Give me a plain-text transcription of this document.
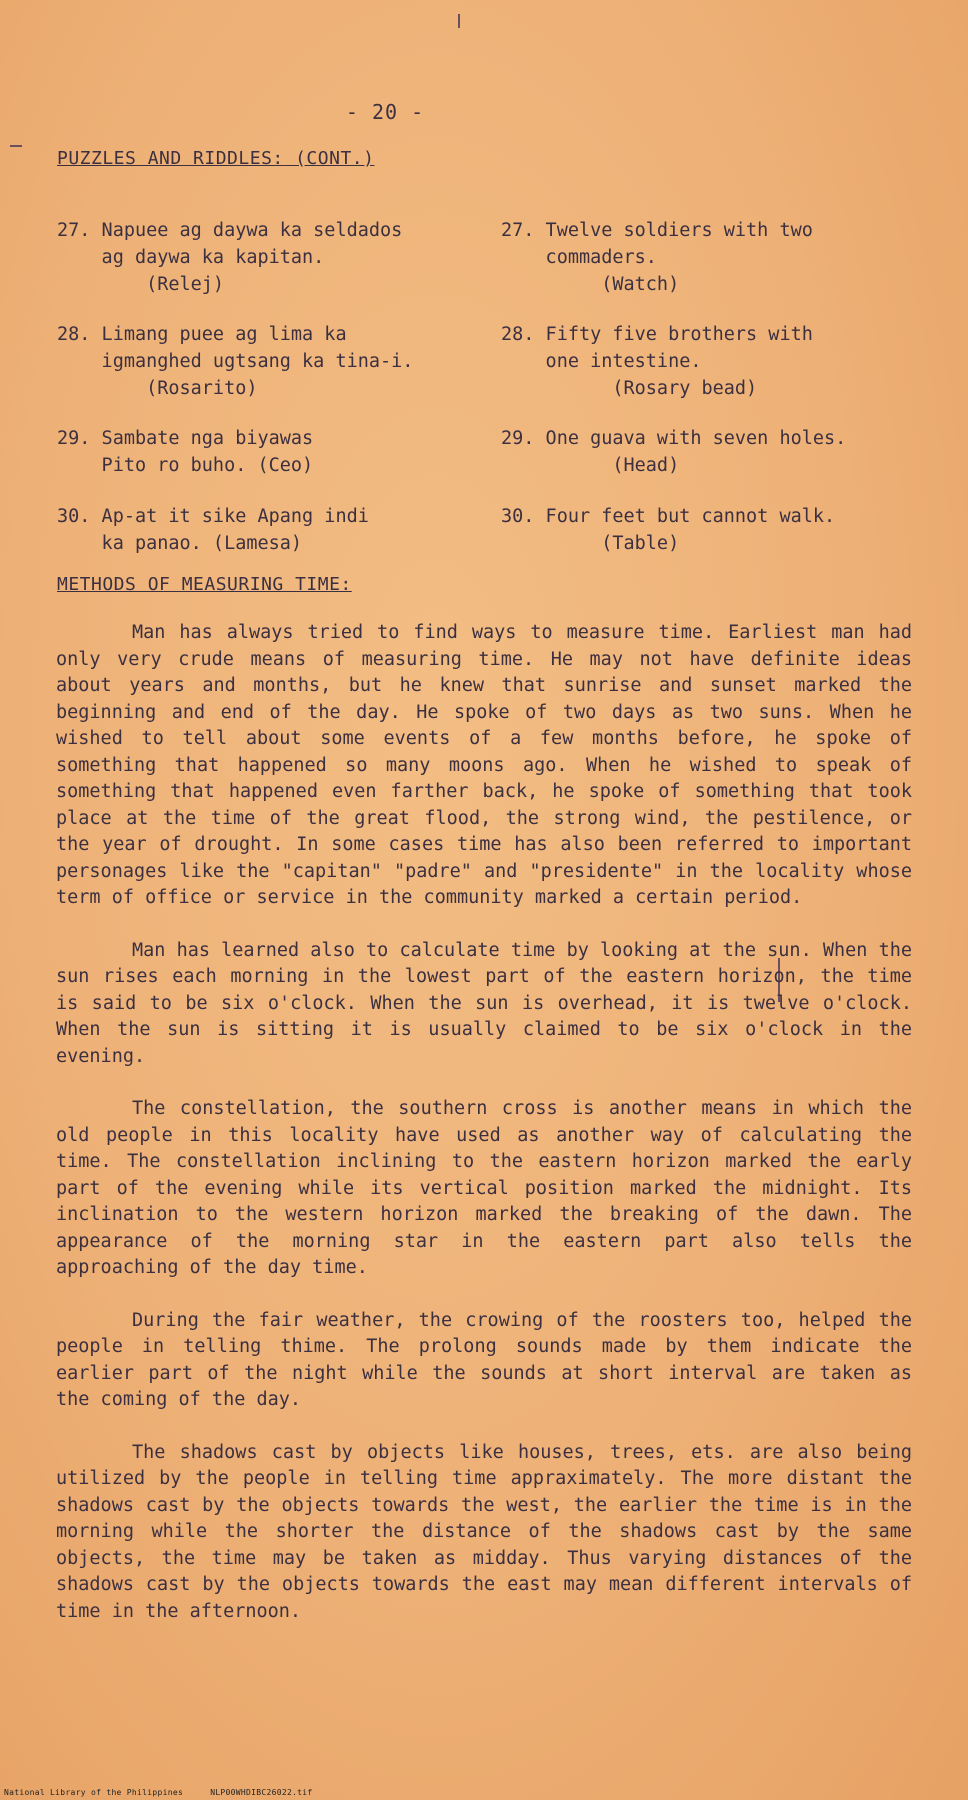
- 20 -
PUZZLES AND RIDDLES: (CONT.)

27. Napuee ag daywa ka seldados
ag daywa ka kapitan.
(Relej)

27. Twelve soldiers with two
commaders.
(Watch)

28. Limang puee ag lima ka
igmanghed ugtsang ka tina-i.
(Rosarito)

28. Fifty five brothers with
one intestine.
(Rosary bead)

29. Sambate nga biyawas
Pito ro buho. (Ceo)

29. One guava with seven holes.
(Head)

30. Ap-at it sike Apang indi
ka panao. (Lamesa)

30. Four feet but cannot walk.
(Table)
METHODS OF MEASURING TIME:

Man has always tried to find ways to measure time. Earliest man had only very crude means of measuring time. He may not have definite ideas about years and months, but he knew that sunrise and sunset marked the beginning and end of the day. He spoke of two days as two suns. When he wished to tell about some events of a few months before, he spoke of something that happened so many moons ago. When he wished to speak of something that happened even farther back, he spoke of something that took place at the time of the great flood, the strong wind, the pestilence, or the year of drought. In some cases time has also been referred to important personages like the "capitan" "padre" and "presidente" in the locality whose term of office or service in the community marked a certain period.

Man has learned also to calculate time by looking at the sun. When the sun rises each morning in the lowest part of the eastern horizon, the time is said to be six o'clock. When the sun is overhead, it is twelve o'clock. When the sun is sitting it is usually claimed to be six o'clock in the evening.

The constellation, the southern cross is another means in which the old people in this locality have used as another way of calculating the time. The constellation inclining to the eastern horizon marked the early part of the evening while its vertical position marked the midnight. Its inclination to the western horizon marked the breaking of the dawn. The appearance of the morning star in the eastern part also tells the approaching of the day time.

During the fair weather, the crowing of the roosters too, helped the people in telling thime. The prolong sounds made by them indicate the earlier part of the night while the sounds at short interval are taken as the coming of the day.

The shadows cast by objects like houses, trees, ets. are also being utilized by the people in telling time appraximately. The more distant the shadows cast by the objects towards the west, the earlier the time is in the morning while the shorter the distance of the shadows cast by the same objects, the time may be taken as midday. Thus varying distances of the shadows cast by the objects towards the east may mean different intervals of time in the afternoon.

National Library of the Philippines	NLP00WHDIBC26022.tif
